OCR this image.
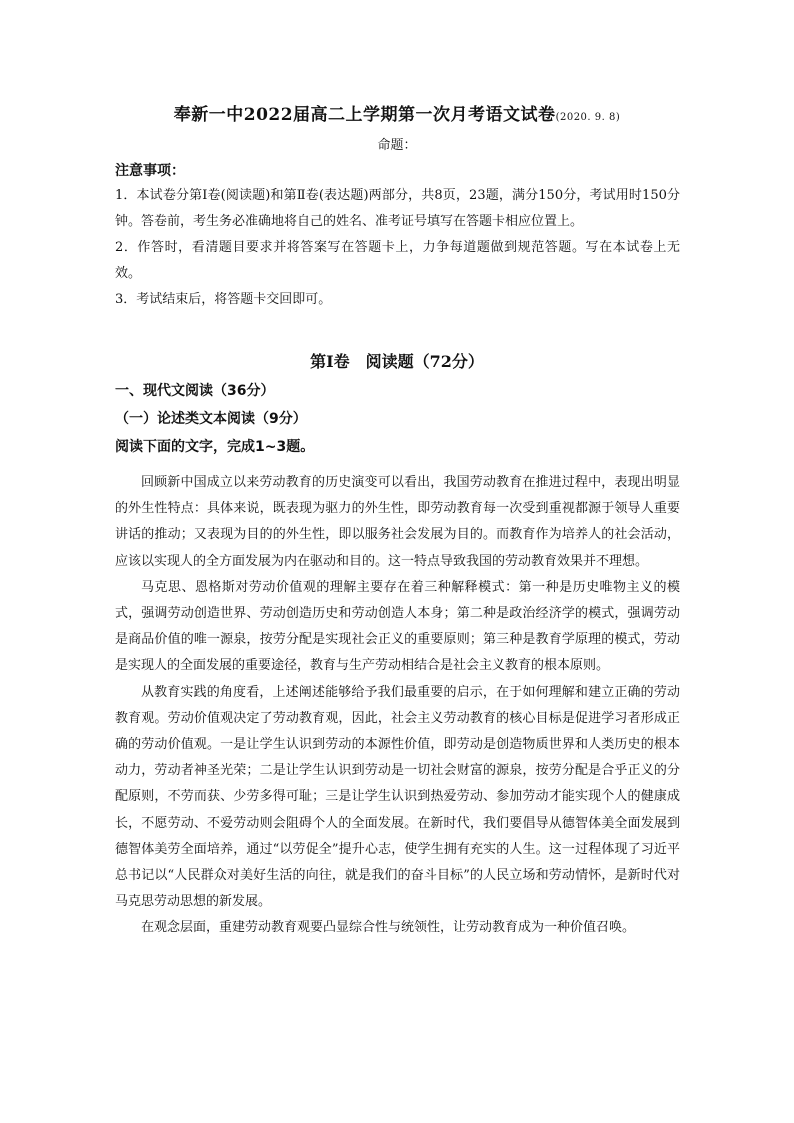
奉新一中2022届高二上学期第一次月考语文试卷(2020. 9. 8)
命题：
注意事项：

1．本试卷分第Ⅰ卷(阅读题)和第Ⅱ卷(表达题)两部分，共8页，23题，满分150分，考试用时150分钟。答卷前，考生务必准确地将自己的姓名、准考证号填写在答题卡相应位置上。

2．作答时，看清题目要求并将答案写在答题卡上，力争每道题做到规范答题。写在本试卷上无效。

3．考试结束后，将答题卡交回即可。

第Ⅰ卷　阅读题（72分）
一、现代文阅读（36分）
（一）论述类文本阅读（9分）
阅读下面的文字，完成1~3题。

回顾新中国成立以来劳动教育的历史演变可以看出，我国劳动教育在推进过程中，表现出明显的外生性特点：具体来说，既表现为驱力的外生性，即劳动教育每一次受到重视都源于领导人重要讲话的推动；又表现为目的的外生性，即以服务社会发展为目的。而教育作为培养人的社会活动，应该以实现人的全方面发展为内在驱动和目的。这一特点导致我国的劳动教育效果并不理想。

马克思、恩格斯对劳动价值观的理解主要存在着三种解释模式：第一种是历史唯物主义的模式，强调劳动创造世界、劳动创造历史和劳动创造人本身；第二种是政治经济学的模式，强调劳动是商品价值的唯一源泉，按劳分配是实现社会正义的重要原则；第三种是教育学原理的模式，劳动是实现人的全面发展的重要途径，教育与生产劳动相结合是社会主义教育的根本原则。

从教育实践的角度看，上述阐述能够给予我们最重要的启示，在于如何理解和建立正确的劳动教育观。劳动价值观决定了劳动教育观，因此，社会主义劳动教育的核心目标是促进学习者形成正确的劳动价值观。一是让学生认识到劳动的本源性价值，即劳动是创造物质世界和人类历史的根本动力，劳动者神圣光荣；二是让学生认识到劳动是一切社会财富的源泉，按劳分配是合乎正义的分配原则，不劳而获、少劳多得可耻；三是让学生认识到热爱劳动、参加劳动才能实现个人的健康成长，不愿劳动、不爱劳动则会阻碍个人的全面发展。在新时代，我们要倡导从德智体美全面发展到德智体美劳全面培养，通过“以劳促全”提升心志，使学生拥有充实的人生。这一过程体现了习近平总书记以“人民群众对美好生活的向往，就是我们的奋斗目标”的人民立场和劳动情怀，是新时代对马克思劳动思想的新发展。

在观念层面，重建劳动教育观要凸显综合性与统领性，让劳动教育成为一种价值召唤。
